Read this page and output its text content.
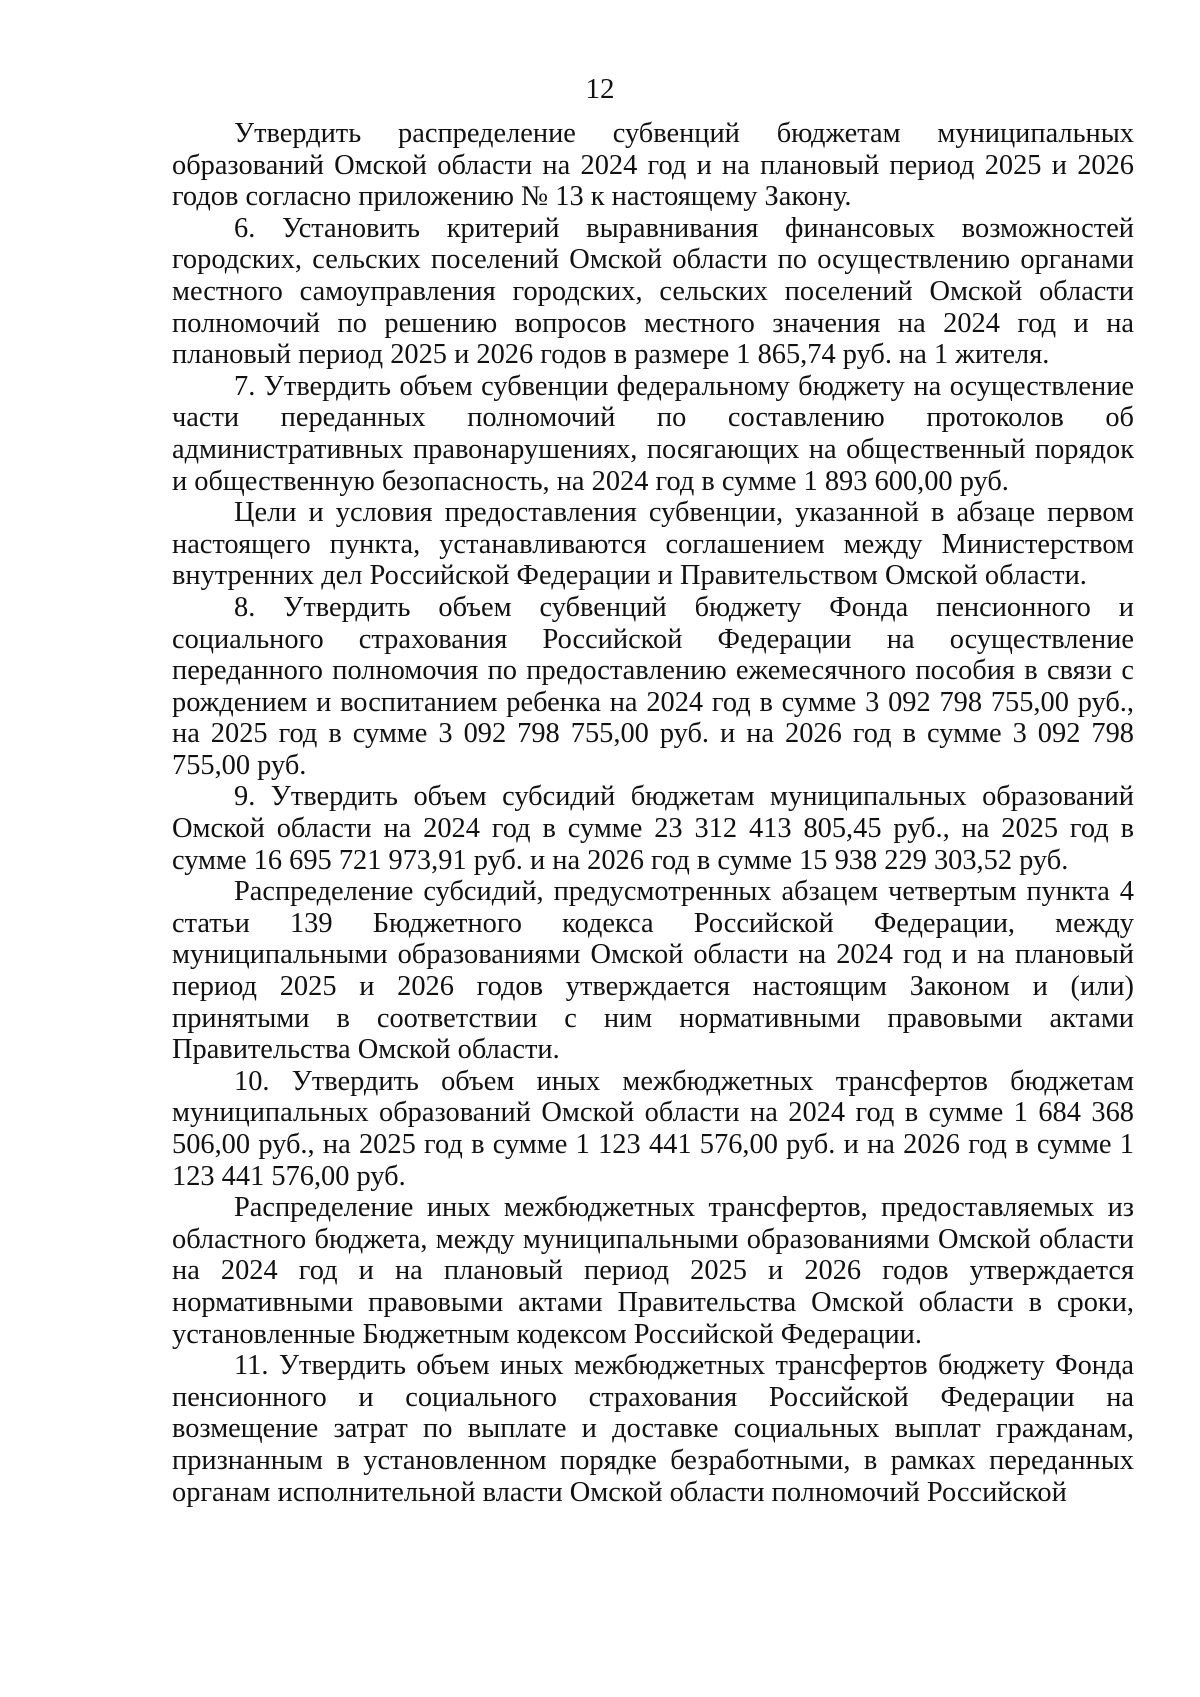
12

Утвердить распределение субвенций бюджетам муниципальных образований Омской области на 2024 год и на плановый период 2025 и 2026 годов согласно приложению № 13 к настоящему Закону.

6. Установить критерий выравнивания финансовых возможностей городских, сельских поселений Омской области по осуществлению органами местного самоуправления городских, сельских поселений Омской области полномочий по решению вопросов местного значения на 2024 год и на плановый период 2025 и 2026 годов в размере 1 865,74 руб. на 1 жителя.

7. Утвердить объем субвенции федеральному бюджету на осуществление части переданных полномочий по составлению протоколов об административных правонарушениях, посягающих на общественный порядок и общественную безопасность, на 2024 год в сумме 1 893 600,00 руб.

Цели и условия предоставления субвенции, указанной в абзаце первом настоящего пункта, устанавливаются соглашением между Министерством внутренних дел Российской Федерации и Правительством Омской области.

8. Утвердить объем субвенций бюджету Фонда пенсионного и социального страхования Российской Федерации на осуществление переданного полномочия по предоставлению ежемесячного пособия в связи с рождением и воспитанием ребенка на 2024 год в сумме 3 092 798 755,00 руб., на 2025 год в сумме 3 092 798 755,00 руб. и на 2026 год в сумме 3 092 798 755,00 руб.

9. Утвердить объем субсидий бюджетам муниципальных образований Омской области на 2024 год в сумме 23 312 413 805,45 руб., на 2025 год в сумме 16 695 721 973,91 руб. и на 2026 год в сумме 15 938 229 303,52 руб.

Распределение субсидий, предусмотренных абзацем четвертым пункта 4 статьи 139 Бюджетного кодекса Российской Федерации, между муниципальными образованиями Омской области на 2024 год и на плановый период 2025 и 2026 годов утверждается настоящим Законом и (или) принятыми в соответствии с ним нормативными правовыми актами Правительства Омской области.

10. Утвердить объем иных межбюджетных трансфертов бюджетам муниципальных образований Омской области на 2024 год в сумме 1 684 368 506,00 руб., на 2025 год в сумме 1 123 441 576,00 руб. и на 2026 год в сумме 1 123 441 576,00 руб.

Распределение иных межбюджетных трансфертов, предоставляемых из областного бюджета, между муниципальными образованиями Омской области на 2024 год и на плановый период 2025 и 2026 годов утверждается нормативными правовыми актами Правительства Омской области в сроки, установленные Бюджетным кодексом Российской Федерации.

11. Утвердить объем иных межбюджетных трансфертов бюджету Фонда пенсионного и социального страхования Российской Федерации на возмещение затрат по выплате и доставке социальных выплат гражданам, признанным в установленном порядке безработными, в рамках переданных органам исполнительной власти Омской области полномочий Российской
